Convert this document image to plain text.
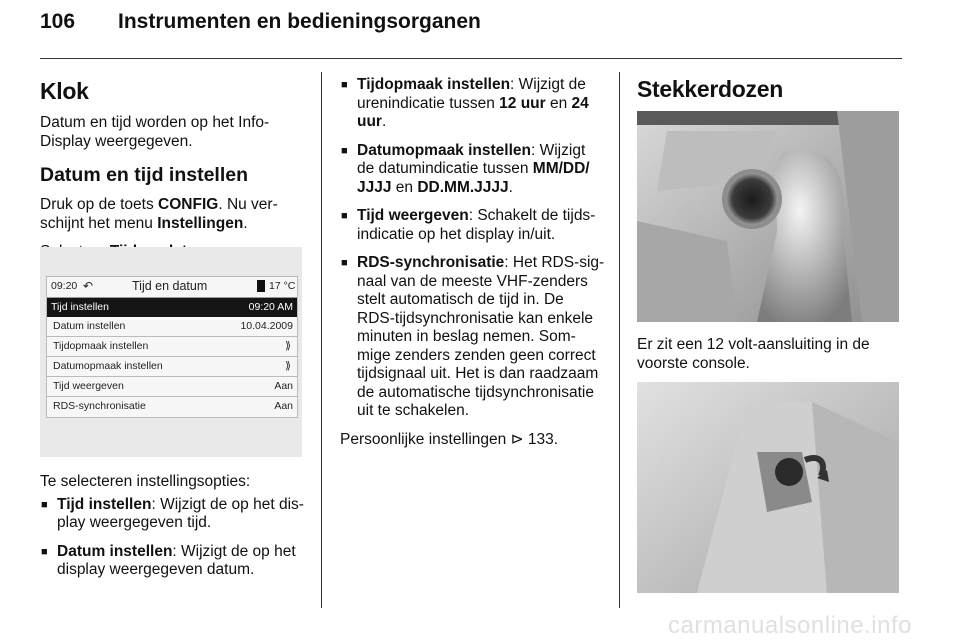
106 Instrumenten en bedieningsorganen

Klok

Datum en tijd worden op het Info-Display weergegeven.

Datum en tijd instellen

Druk op de toets CONFIG. Nu ver-schijnt het menu Instellingen.

09:20 ↶	Tijd en datum	17 °C
Tijd instellen	09:20 AM
Datum instellen	10.04.2009
Tijdopmaak instellen	⟫
Datumopmaak instellen	⟫
Tijd weergeven	Aan
RDS-synchronisatie	Aan

Te selecteren instellingsopties:

■ Tijd instellen: Wijzigt de op het dis-play weergegeven tijd.

■ Datum instellen: Wijzigt de op het display weergegeven datum.

■ Tijdopmaak instellen: Wijzigt de urenindicatie tussen 12 uur en 24 uur.

■ Datumopmaak instellen: Wijzigt de datumindicatie tussen MM/DD/ JJJJ en DD.MM.JJJJ.

■ Tijd weergeven: Schakelt de tijds-indicatie op het display in/uit.

■ RDS-synchronisatie: Het RDS-sig-naal van de meeste VHF-zenders stelt automatisch de tijd in. De RDS-tijdsynchronisatie kan enkele minuten in beslag nemen. Som-mige zenders zenden geen correct tijdsignaal uit. Het is dan raadzaam de automatische tijdsynchronisatie uit te schakelen.

Persoonlijke instellingen ⊳ 133.

Stekkerdozen

Er zit een 12 volt-aansluiting in de voorste console.

carmanualsonline.info
